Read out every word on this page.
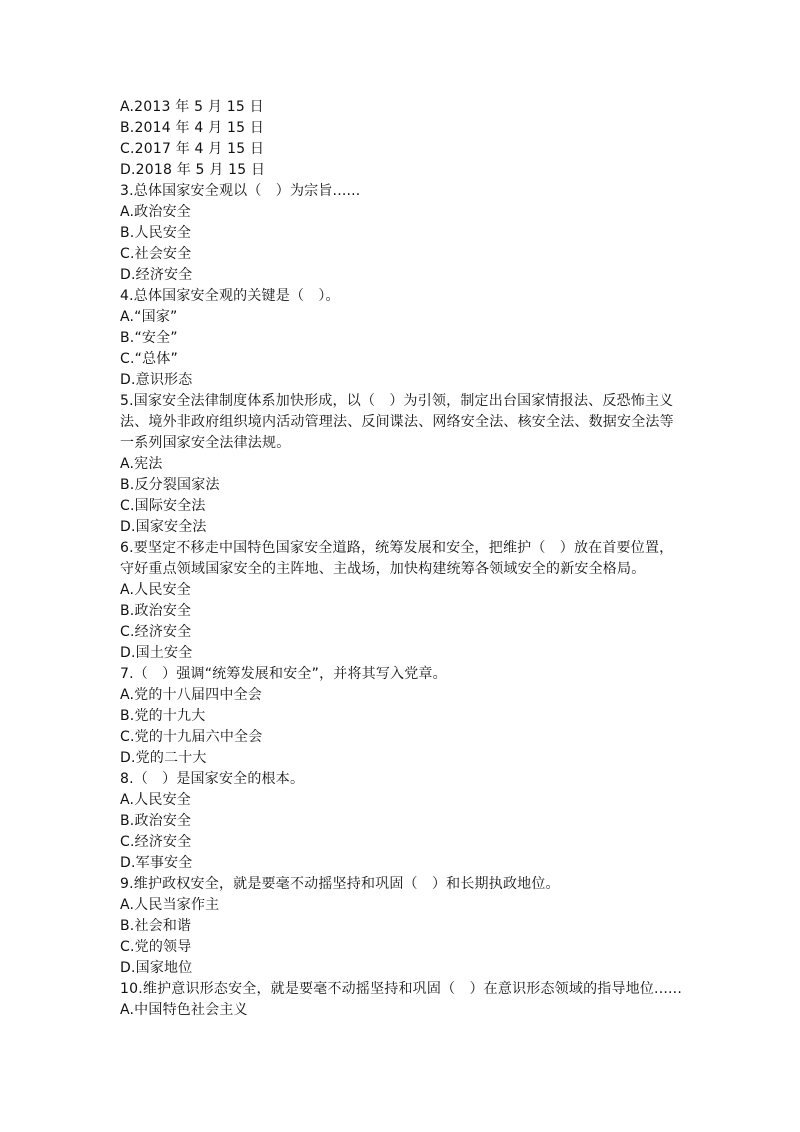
A.2013 年 5 月 15 日
B.2014 年 4 月 15 日
C.2017 年 4 月 15 日
D.2018 年 5 月 15 日
3.总体国家安全观以（　）为宗旨......
A.政治安全
B.人民安全
C.社会安全
D.经济安全
4.总体国家安全观的关键是（　）。
A.“国家”
B.“安全”
C.“总体”
D.意识形态
5.国家安全法律制度体系加快形成，以（　）为引领，制定出台国家情报法、反恐怖主义法、境外非政府组织境内活动管理法、反间谍法、网络安全法、核安全法、数据安全法等一系列国家安全法律法规。
A.宪法
B.反分裂国家法
C.国际安全法
D.国家安全法
6.要坚定不移走中国特色国家安全道路，统筹发展和安全，把维护（　）放在首要位置，守好重点领域国家安全的主阵地、主战场，加快构建统筹各领域安全的新安全格局。
A.人民安全
B.政治安全
C.经济安全
D.国土安全
7.（　）强调“统筹发展和安全”，并将其写入党章。
A.党的十八届四中全会
B.党的十九大
C.党的十九届六中全会
D.党的二十大
8.（　）是国家安全的根本。
A.人民安全
B.政治安全
C.经济安全
D.军事安全
9.维护政权安全，就是要毫不动摇坚持和巩固（　）和长期执政地位。
A.人民当家作主
B.社会和谐
C.党的领导
D.国家地位
10.维护意识形态安全，就是要毫不动摇坚持和巩固（　）在意识形态领域的指导地位......
A.中国特色社会主义
